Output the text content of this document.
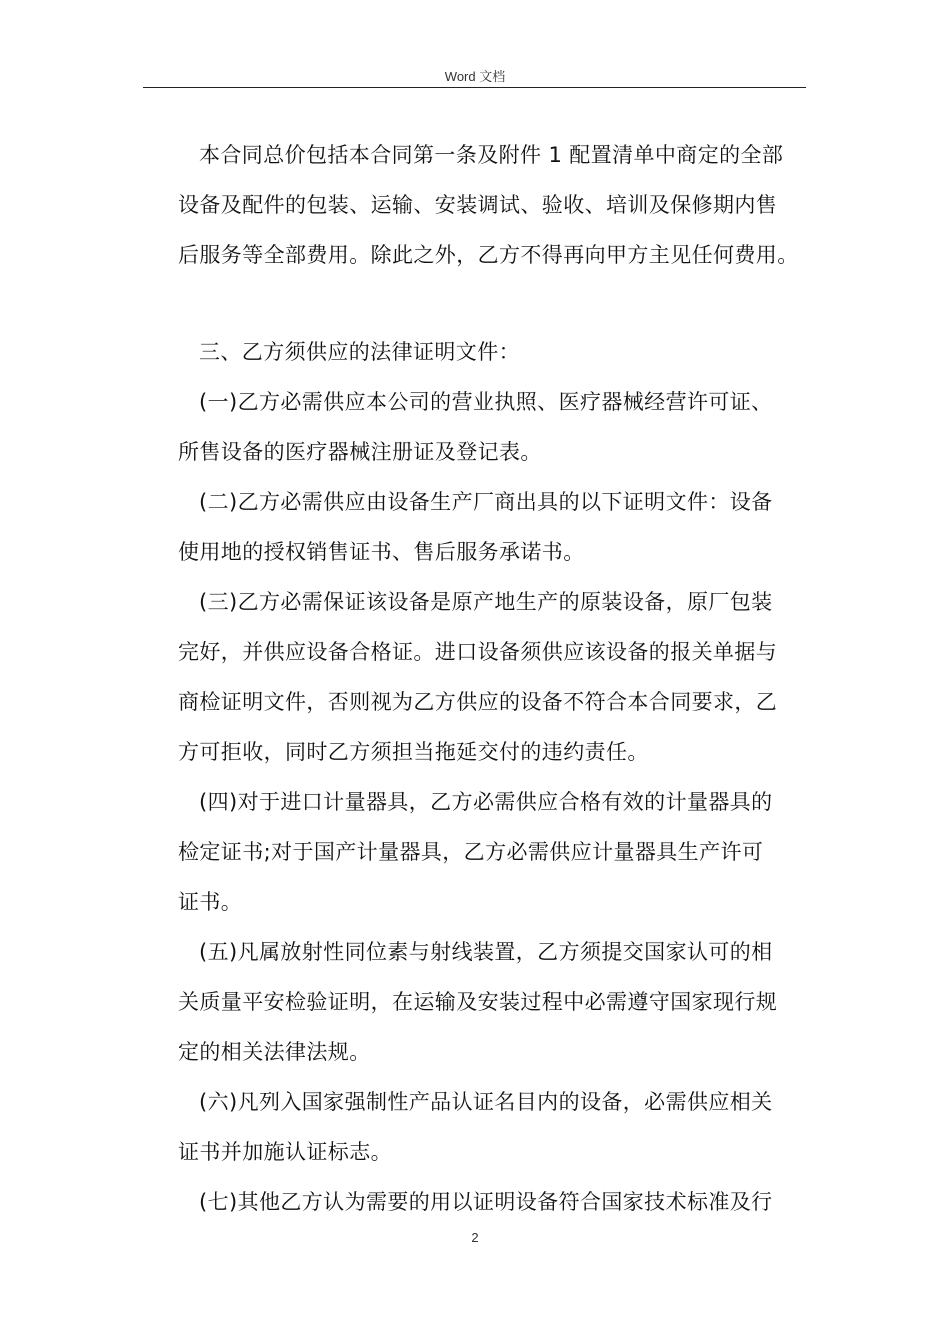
Word 文档

本合同总价包括本合同第一条及附件 1 配置清单中商定的全部
设备及配件的包装、运输、安装调试、验收、培训及保修期内售
后服务等全部费用。除此之外，乙方不得再向甲方主见任何费用。

三、乙方须供应的法律证明文件：

(一)乙方必需供应本公司的营业执照、医疗器械经营许可证、
所售设备的医疗器械注册证及登记表。

(二)乙方必需供应由设备生产厂商出具的以下证明文件：设备
使用地的授权销售证书、售后服务承诺书。

(三)乙方必需保证该设备是原产地生产的原装设备，原厂包装
完好，并供应设备合格证。进口设备须供应该设备的报关单据与
商检证明文件，否则视为乙方供应的设备不符合本合同要求，乙
方可拒收，同时乙方须担当拖延交付的违约责任。

(四)对于进口计量器具，乙方必需供应合格有效的计量器具的
检定证书;对于国产计量器具，乙方必需供应计量器具生产许可
证书。

(五)凡属放射性同位素与射线装置，乙方须提交国家认可的相
关质量平安检验证明，在运输及安装过程中必需遵守国家现行规
定的相关法律法规。

(六)凡列入国家强制性产品认证名目内的设备，必需供应相关
证书并加施认证标志。

(七)其他乙方认为需要的用以证明设备符合国家技术标准及行

2
